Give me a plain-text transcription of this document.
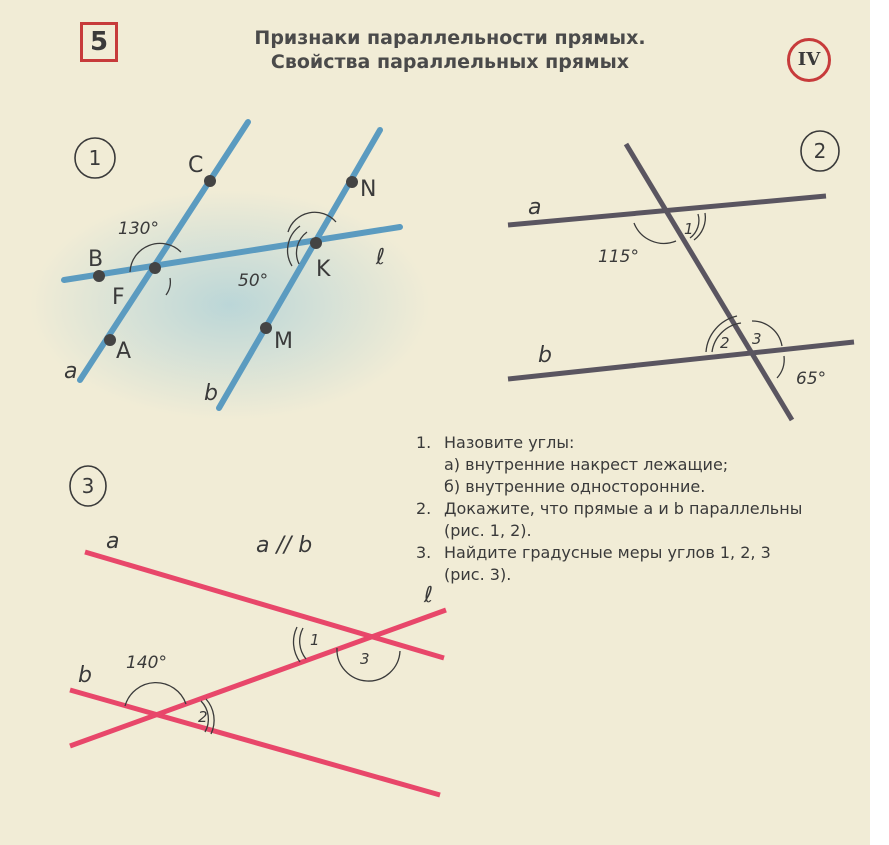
5	Признаки параллельности прямых.
Свойства параллельных прямых	IV
1	C
N
B
F
K
A	M
a
b
ℓ
130°
50°
2
a
b
1
2 3
115°
65°
3
a
b
ℓ
a // b
1
2
3
140°
1. Назовите углы:
а) внутренние накрест лежащие;
б) внутренние односторонние.
2. Докажите, что прямые a и b параллельны (рис. 1, 2).
3. Найдите градусные меры углов 1, 2, 3 (рис. 3).
